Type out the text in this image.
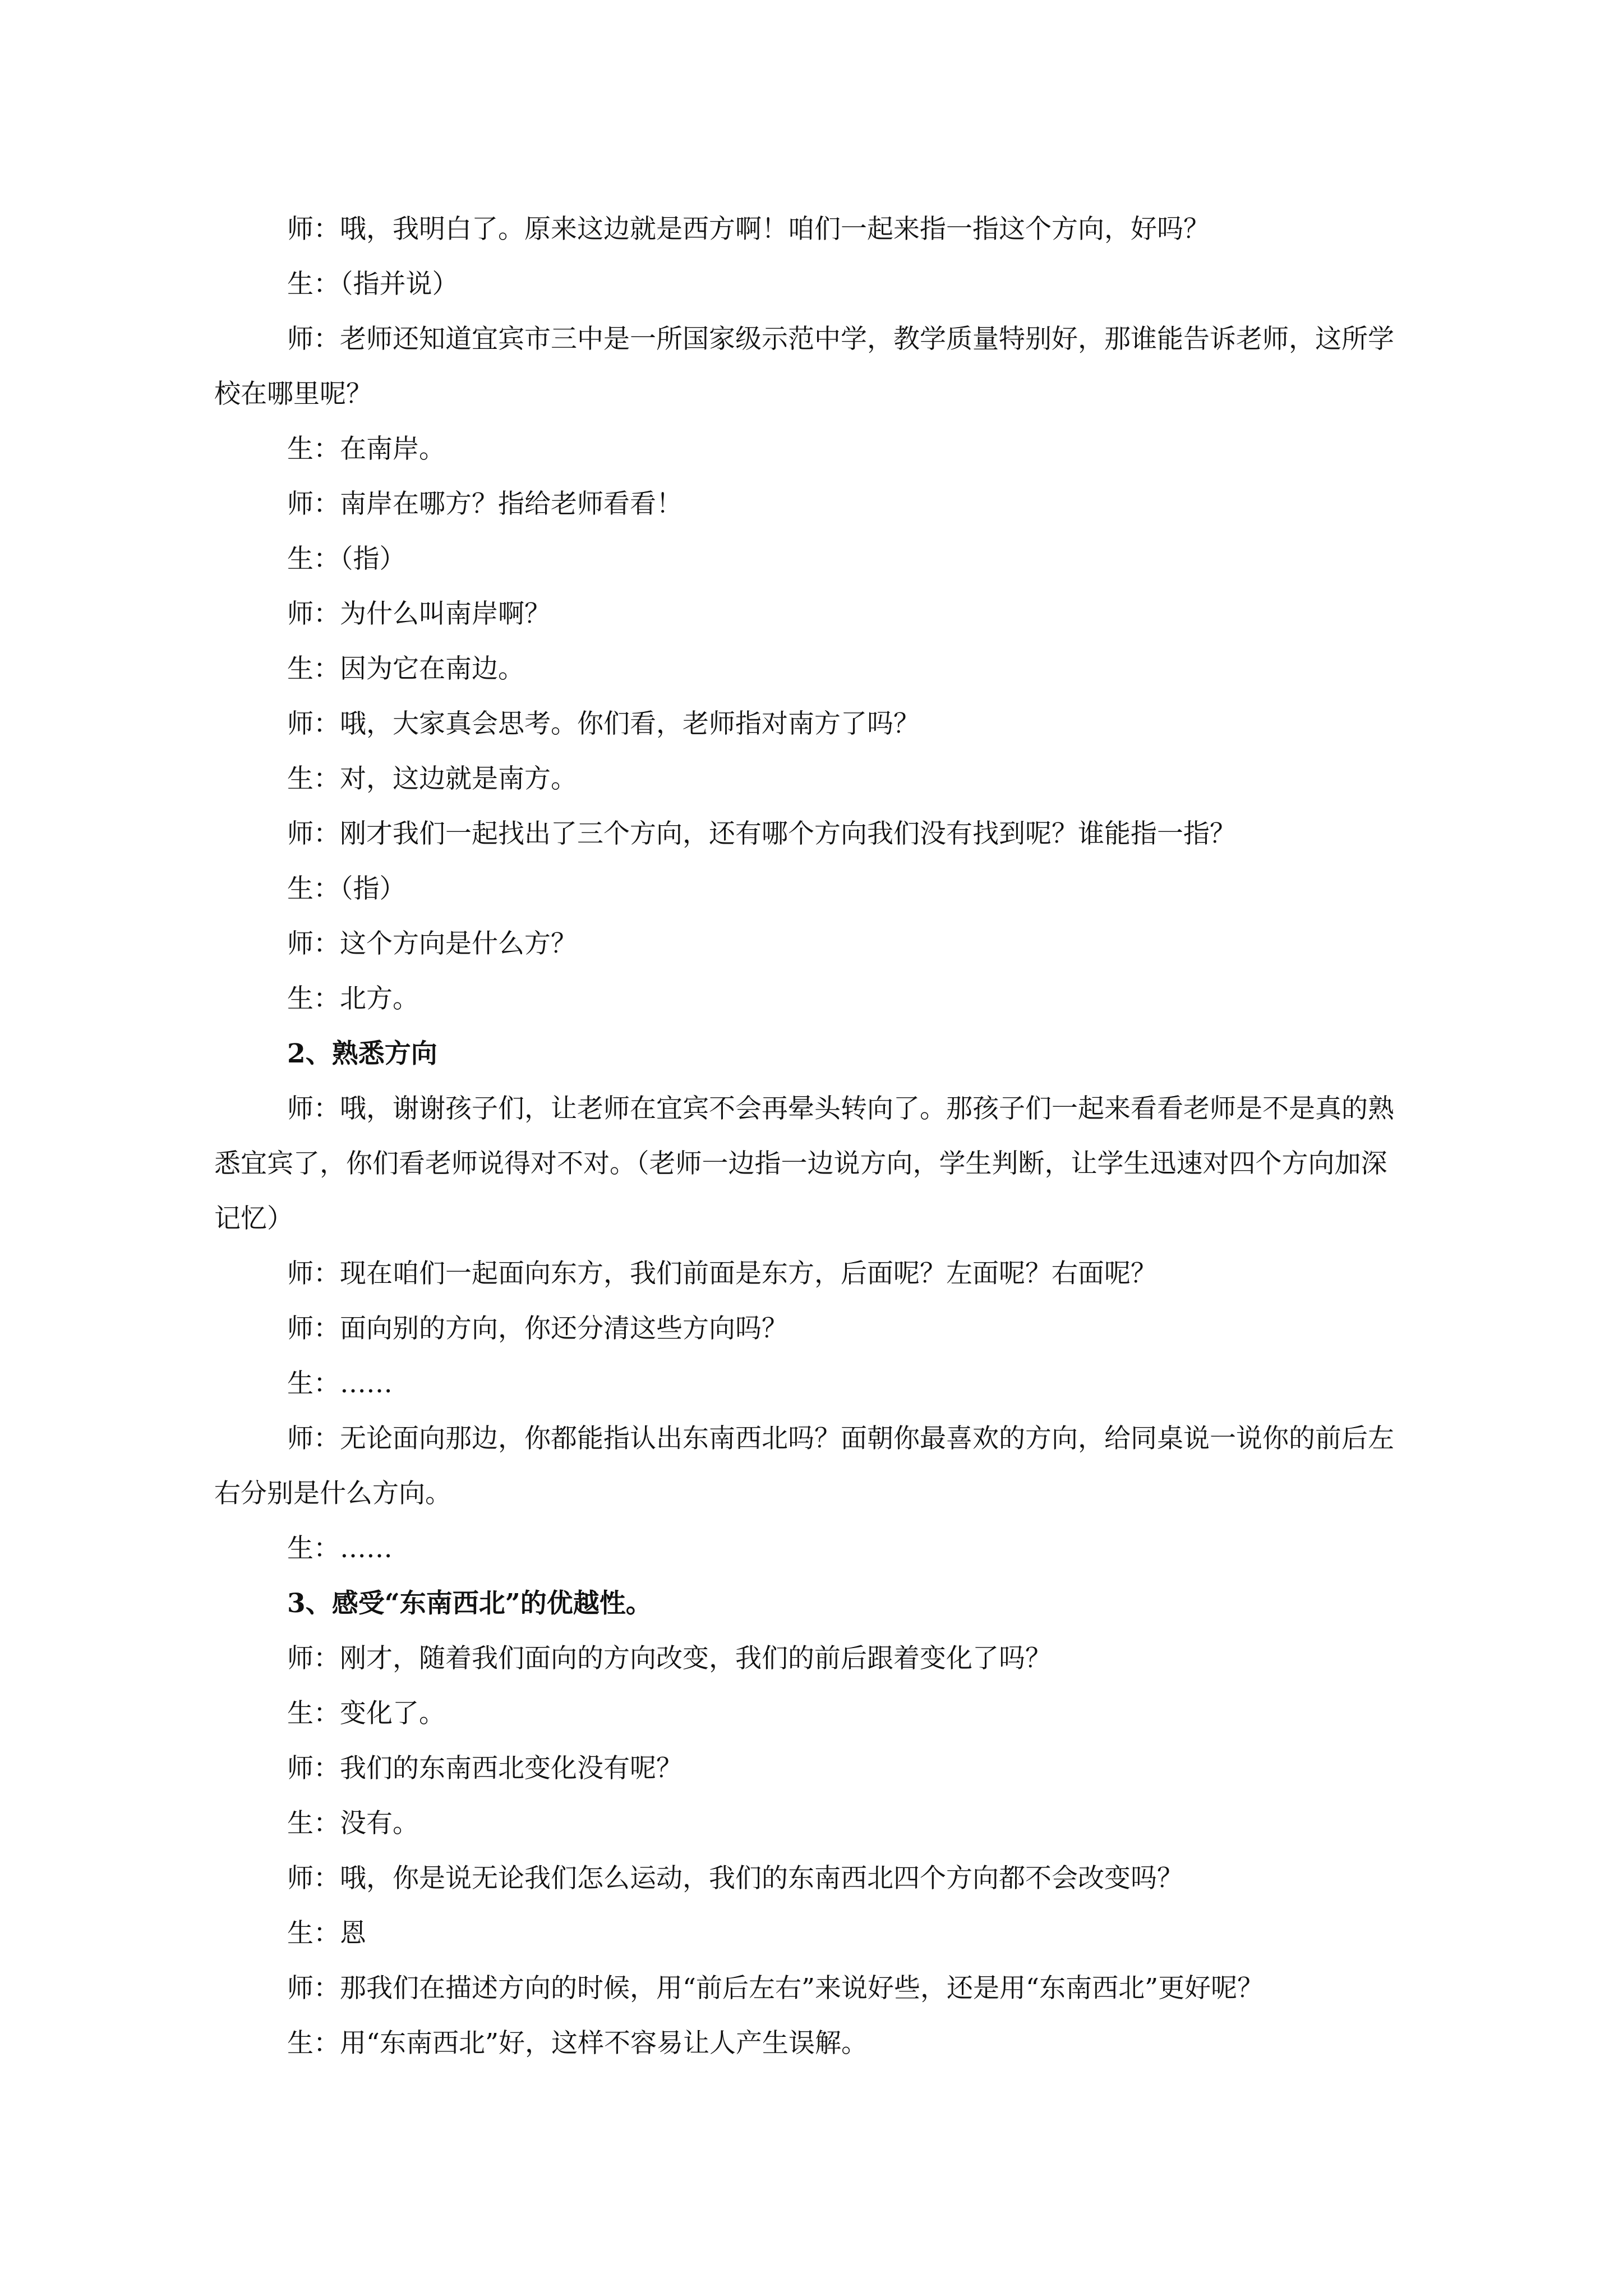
师：哦，我明白了。原来这边就是西方啊！咱们一起来指一指这个方向，好吗？

生：（指并说）

师：老师还知道宜宾市三中是一所国家级示范中学，教学质量特别好，那谁能告诉老师，这所学校在哪里呢？

生：在南岸。

师：南岸在哪方？指给老师看看！

生：（指）

师：为什么叫南岸啊？

生：因为它在南边。

师：哦，大家真会思考。你们看，老师指对南方了吗？

生：对，这边就是南方。

师：刚才我们一起找出了三个方向，还有哪个方向我们没有找到呢？谁能指一指？

生：（指）

师：这个方向是什么方？

生：北方。

2、熟悉方向

师：哦，谢谢孩子们，让老师在宜宾不会再晕头转向了。那孩子们一起来看看老师是不是真的熟悉宜宾了，你们看老师说得对不对。（老师一边指一边说方向，学生判断，让学生迅速对四个方向加深记忆）

师：现在咱们一起面向东方，我们前面是东方，后面呢？左面呢？右面呢？

师：面向别的方向，你还分清这些方向吗？

生：……

师：无论面向那边，你都能指认出东南西北吗？面朝你最喜欢的方向，给同桌说一说你的前后左右分别是什么方向。

生：……

3、感受“东南西北”的优越性。

师：刚才，随着我们面向的方向改变，我们的前后跟着变化了吗？

生：变化了。

师：我们的东南西北变化没有呢？

生：没有。

师：哦，你是说无论我们怎么运动，我们的东南西北四个方向都不会改变吗？

生：恩

师：那我们在描述方向的时候，用“前后左右”来说好些，还是用“东南西北”更好呢？

生：用“东南西北”好，这样不容易让人产生误解。
